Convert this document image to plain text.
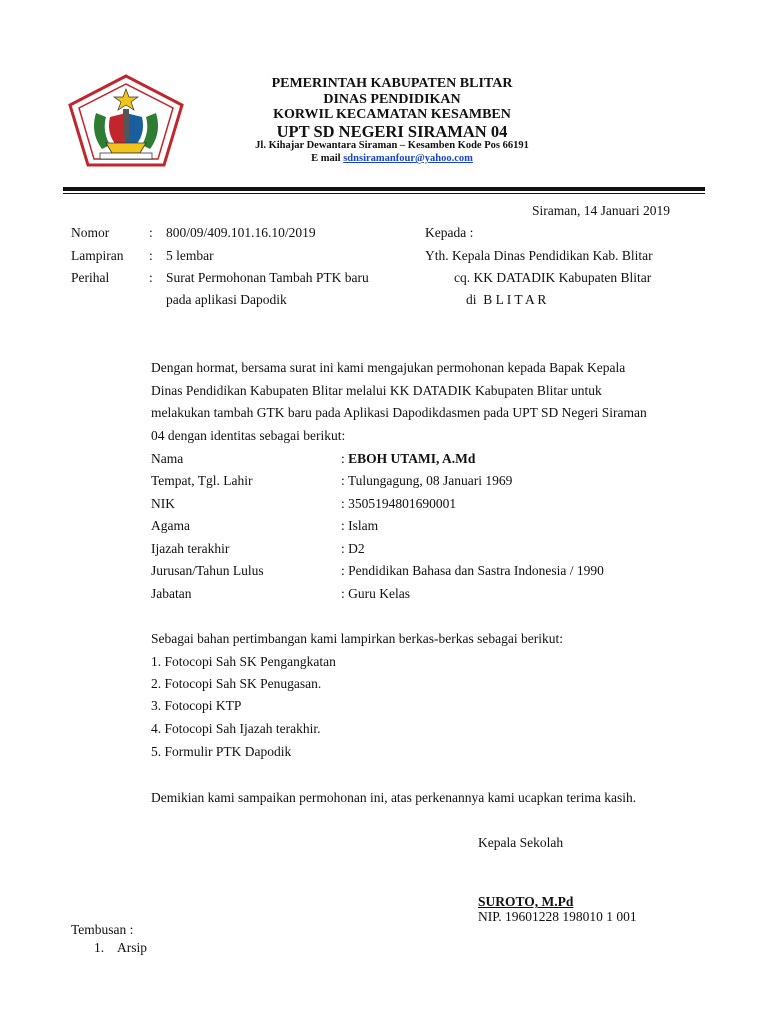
PEMERINTAH KABUPATEN BLITAR
DINAS PENDIDIKAN
KORWIL KECAMATAN KESAMBEN
UPT SD NEGERI SIRAMAN 04
Jl. Kihajar Dewantara Siraman – Kesamben Kode Pos 66191
E mail sdnsiramanfour@yahoo.com
Siraman, 14 Januari 2019
Nomor	: 800/09/409.101.16.10/2019
Lampiran : 5 lembar
Perihal	: Surat Permohonan Tambah PTK baru
pada aplikasi Dapodik
Kepada :
Yth. Kepala Dinas Pendidikan Kab. Blitar
cq. KK DATADIK Kabupaten Blitar
di  B L I T A R
Dengan hormat, bersama surat ini kami mengajukan permohonan kepada Bapak Kepala
Dinas Pendidikan Kabupaten Blitar melalui KK DATADIK Kabupaten Blitar untuk
melakukan tambah GTK baru pada Aplikasi Dapodikdasmen pada UPT SD Negeri Siraman
04 dengan identitas sebagai berikut:
Nama	: EBOH UTAMI, A.Md
Tempat, Tgl. Lahir	: Tulungagung, 08 Januari 1969
NIK	: 3505194801690001
Agama	: Islam
Ijazah terakhir	: D2
Jurusan/Tahun Lulus	: Pendidikan Bahasa dan Sastra Indonesia / 1990
Jabatan	: Guru Kelas
Sebagai bahan pertimbangan kami lampirkan berkas-berkas sebagai berikut:
1. Fotocopi Sah SK Pengangkatan
2. Fotocopi Sah SK Penugasan.
3. Fotocopi KTP
4. Fotocopi Sah Ijazah terakhir.
5. Formulir PTK Dapodik
Demikian kami sampaikan permohonan ini, atas perkenannya kami ucapkan terima kasih.
Kepala Sekolah
SUROTO, M.Pd
NIP. 19601228 198010 1 001
Tembusan :
1. Arsip
